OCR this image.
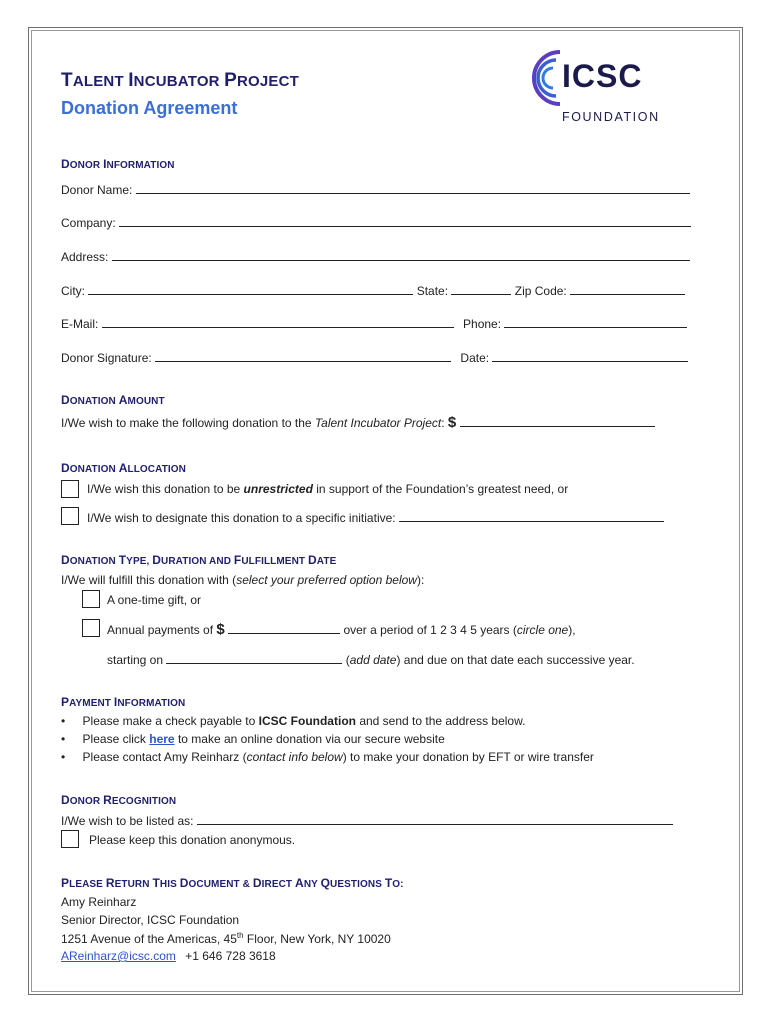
TALENT INCUBATOR PROJECT
Donation Agreement
ICSC
FOUNDATION
DONOR INFORMATION
Donor Name:
Company:
Address:
City:	State:	Zip Code:
E-Mail:	Phone:
Donor Signature:	Date:
DONATION AMOUNT
I/We wish to make the following donation to the Talent Incubator Project: $
DONATION ALLOCATION
I/We wish this donation to be unrestricted in support of the Foundation’s greatest need, or
I/We wish to designate this donation to a specific initiative:
DONATION TYPE, DURATION AND FULFILLMENT DATE
I/We will fulfill this donation with (select your preferred option below):
A one-time gift, or
Annual payments of $	over a period of 1 2 3 4 5 years (circle one),
starting on	(add date) and due on that date each successive year.
PAYMENT INFORMATION
• Please make a check payable to ICSC Foundation and send to the address below.
• Please click here to make an online donation via our secure website
• Please contact Amy Reinharz (contact info below) to make your donation by EFT or wire transfer
DONOR RECOGNITION
I/We wish to be listed as:
Please keep this donation anonymous.
PLEASE RETURN THIS DOCUMENT & DIRECT ANY QUESTIONS TO:
Amy Reinharz
Senior Director, ICSC Foundation
1251 Avenue of the Americas, 45th Floor, New York, NY 10020
AReinharz@icsc.com +1 646 728 3618
